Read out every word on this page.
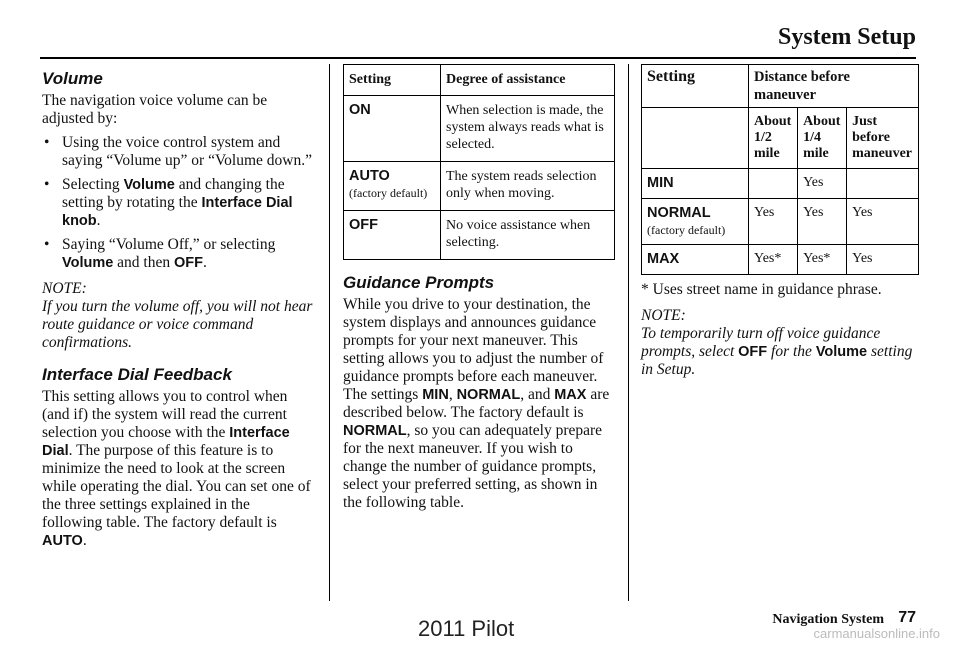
System Setup
Volume

The navigation voice volume can be adjusted by:

• Using the voice control system and saying “Volume up” or “Volume down.”
• Selecting Volume and changing the setting by rotating the Interface Dial knob.
• Saying “Volume Off,” or selecting Volume and then OFF.
NOTE:
If you turn the volume off, you will not hear route guidance or voice command confirmations.
Interface Dial Feedback

This setting allows you to control when (and if) the system will read the current selection you choose with the Interface Dial. The purpose of this feature is to minimize the need to look at the screen while operating the dial. You can set one of the three settings explained in the following table. The factory default is AUTO.

Setting	Degree of assistance
ON	When selection is made, the system always reads what is selected.
AUTO
(factory default)	The system reads selection only when moving.
OFF	No voice assistance when selecting.
Guidance Prompts

While you drive to your destination, the system displays and announces guidance prompts for your next maneuver. This setting allows you to adjust the number of guidance prompts before each maneuver. The settings MIN, NORMAL, and MAX are described below. The factory default is NORMAL, so you can adequately prepare for the next maneuver. If you wish to change the number of guidance prompts, select your preferred setting, as shown in the following table.

Setting	Distance before maneuver		
	About 1/2 mile	About 1/4 mile	Just before maneuver
MIN		Yes	
NORMAL
(factory default)	Yes	Yes	Yes
MAX	Yes*	Yes*	Yes

* Uses street name in guidance phrase.

NOTE:
To temporarily turn off voice guidance prompts, select OFF for the Volume setting in Setup.
Navigation System 77
2011 Pilot	carmanualsonline.info
